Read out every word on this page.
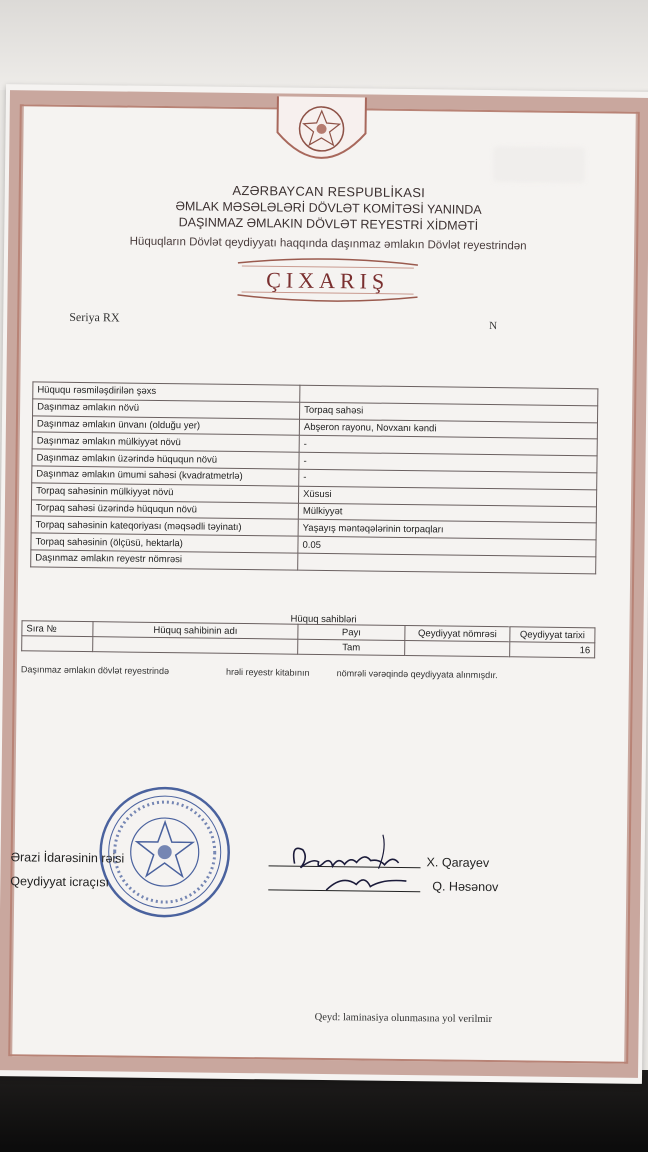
AZƏRBAYCAN RESPUBLİKASI
ƏMLAK MƏSƏLƏLƏRİ DÖVLƏT KOMİTƏSİ YANINDA
DAŞINMAZ ƏMLAKIN DÖVLƏT REYESTRİ XİDMƏTİ
Hüquqların Dövlət qeydiyyatı haqqında daşınmaz əmlakın Dövlət reyestrindən
ÇIXARIŞ
Seriya RX
N
Hüququ rəsmiləşdirilən şəxs	
Daşınmaz əmlakın növü	Torpaq sahəsi
Daşınmaz əmlakın ünvanı (olduğu yer)	Abşeron rayonu, Novxanı kəndi
Daşınmaz əmlakın mülkiyyət növü	-
Daşınmaz əmlakın üzərində hüququn növü	-
Daşınmaz əmlakın ümumi sahəsi (kvadratmetrlə)	-
Torpaq sahəsinin mülkiyyət növü	Xüsusi
Torpaq sahəsi üzərində hüququn növü	Mülkiyyət
Torpaq sahəsinin kateqoriyası (məqsədli təyinatı)	Yaşayış məntəqələrinin torpaqları
Torpaq sahəsinin (ölçüsü, hektarla)	0.05
Daşınmaz əmlakın reyestr nömrəsi	
Hüquq sahibləri
Sıra №	Hüquq sahibinin adı	Payı	Qeydiyyat nömrəsi	Qeydiyyat tarixi
		Tam		16
Daşınmaz əmlakın dövlət reyestrində	hrəli reyestr kitabının	nömrəli vərəqində qeydiyyata alınmışdır.
Ərazi İdarəsinin rəisi
Qeydiyyat icraçısı
X. Qarayev
Q. Həsənov
Qeyd: laminasiya olunmasına yol verilmir
